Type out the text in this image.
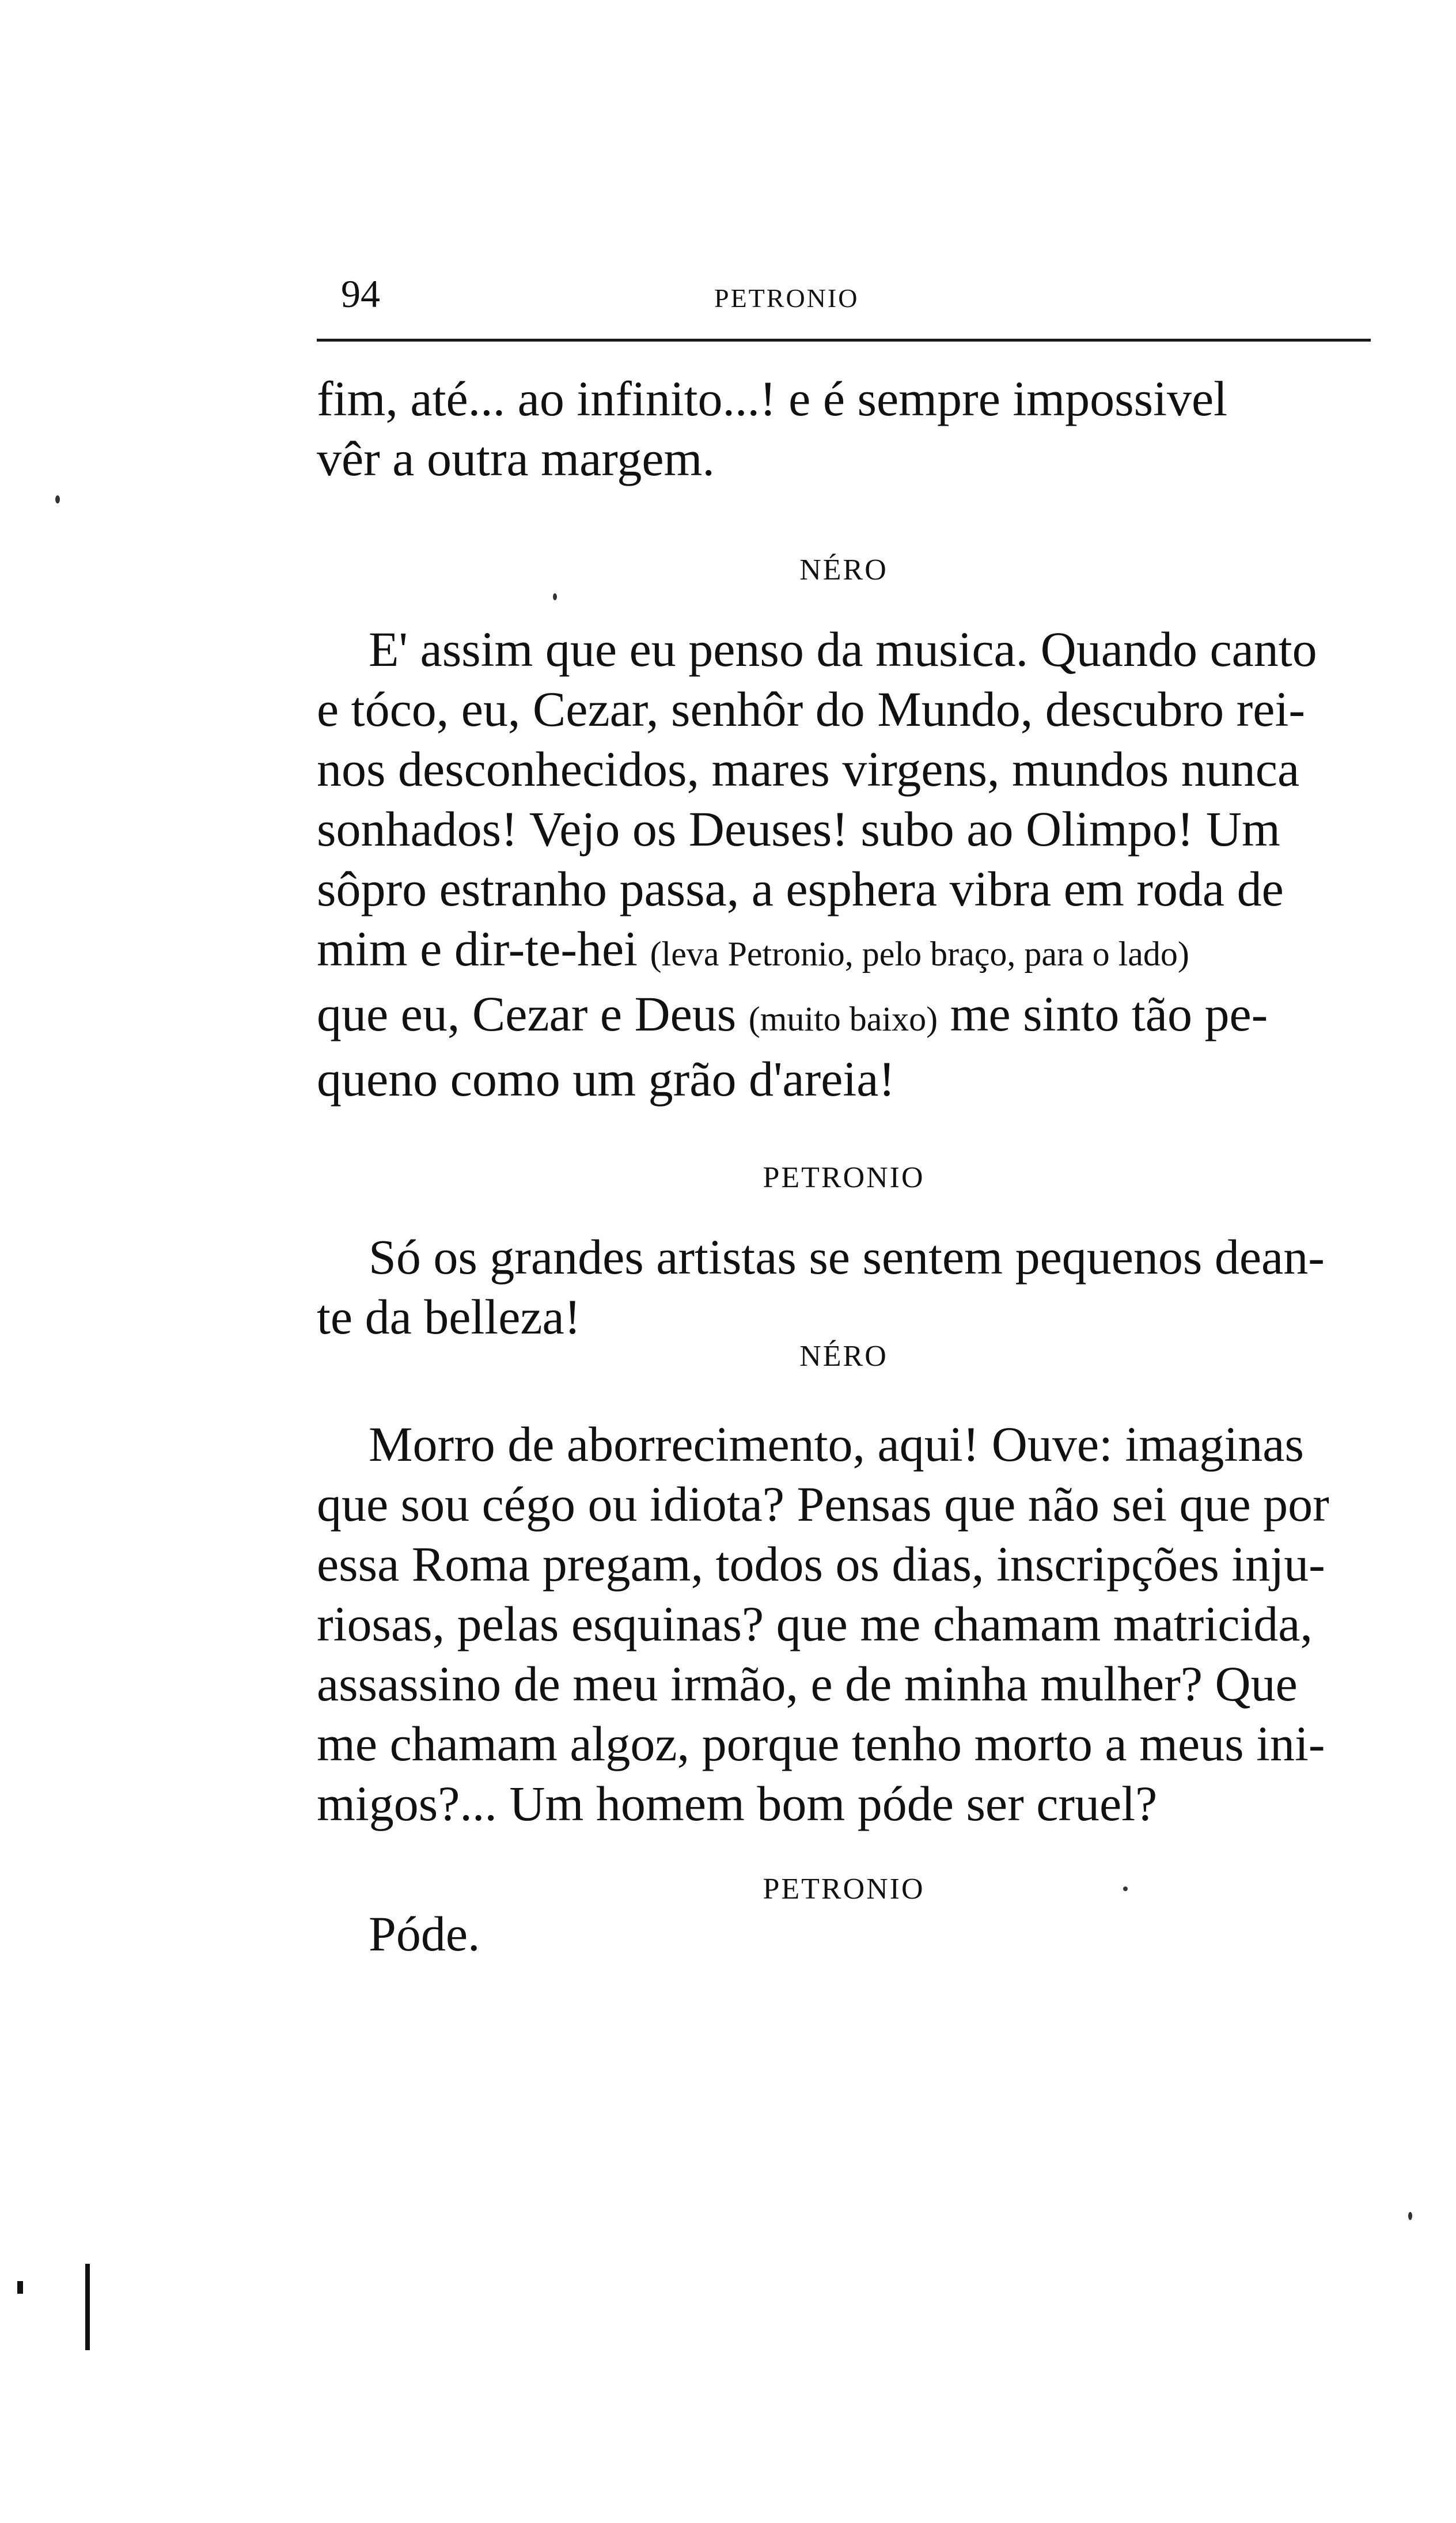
94	PETRONIO
fim, até... ao infinito...! e é sempre impossivel
vêr a outra margem.
NÉRO
E' assim que eu penso da musica. Quando canto
e tóco, eu, Cezar, senhôr do Mundo, descubro rei-
nos desconhecidos, mares virgens, mundos nunca
sonhados! Vejo os Deuses! subo ao Olimpo! Um
sôpro estranho passa, a esphera vibra em roda de
mim e dir-te-hei (leva Petronio, pelo braço, para o lado)
que eu, Cezar e Deus (muito baixo) me sinto tão pe-
queno como um grão d'areia!
PETRONIO
Só os grandes artistas se sentem pequenos dean-
te da belleza!
NÉRO
Morro de aborrecimento, aqui! Ouve: imaginas
que sou cégo ou idiota? Pensas que não sei que por
essa Roma pregam, todos os dias, inscripções inju-
riosas, pelas esquinas? que me chamam matricida,
assassino de meu irmão, e de minha mulher? Que
me chamam algoz, porque tenho morto a meus ini-
migos?... Um homem bom póde ser cruel?
PETRONIO
Póde.
